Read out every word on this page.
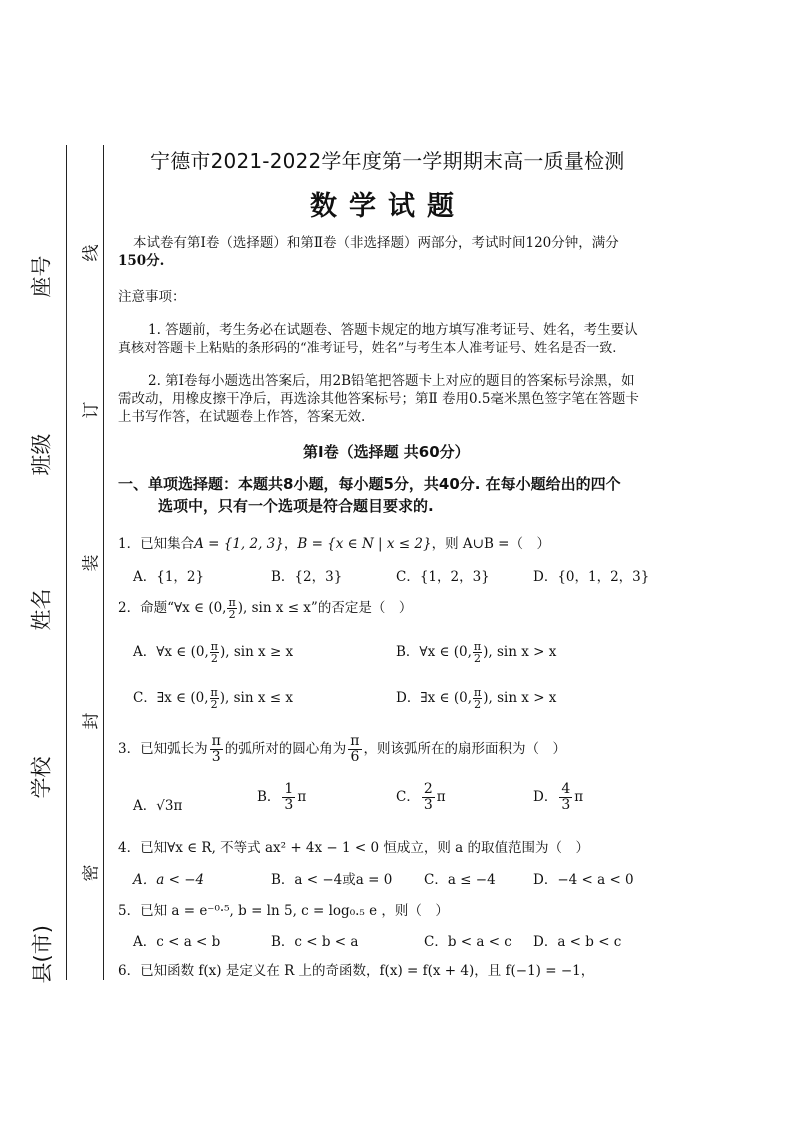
座号
班级
姓名
学校
县(市)
线
订
装
封
密
宁德市2021-2022学年度第一学期期末高一质量检测
数学试题
本试卷有第Ⅰ卷（选择题）和第Ⅱ卷（非选择题）两部分，考试时间120分钟，满分
150分.
注意事项：
1. 答题前，考生务必在试题卷、答题卡规定的地方填写准考证号、姓名，考生要认
真核对答题卡上粘贴的条形码的“准考证号，姓名”与考生本人准考证号、姓名是否一致.
2. 第Ⅰ卷每小题选出答案后，用2B铅笔把答题卡上对应的题目的答案标号涂黑，如
需改动，用橡皮擦干净后，再选涂其他答案标号；第Ⅱ 卷用0.5毫米黑色签字笔在答题卡
上书写作答，在试题卷上作答，答案无效.
第Ⅰ卷（选择题 共60分）
一、单项选择题：本题共8小题，每小题5分，共40分. 在每小题给出的四个
选项中，只有一个选项是符合题目要求的.
1．已知集合A = {1, 2, 3}，B = {x ∈ N | x ≤ 2}，则 A∪B =（　）
A．{1，2}	B．{2，3}	C．{1，2，3}	D．{0，1，2，3}
2．命题“∀x ∈ (0, $\frac{\pi}{2}$ ), sin x ≤ x”的否定是（　）
A．∀x ∈ (0, $\frac{\pi}{2}$ ), sin x ≥ x	B．∀x ∈ (0, $\frac{\pi}{2}$ ), sin x > x
C．∃x ∈ (0, $\frac{\pi}{2}$ ), sin x ≤ x	D．∃x ∈ (0, $\frac{\pi}{2}$ ), sin x > x
3．已知弧长为 $\frac{\pi}{3}$ 的弧所对的圆心角为 $\frac{\pi}{6}$ ，则该弧所在的扇形面积为（　）
A．√3π
B． $\frac{1}{3}$ π	C． $\frac{2}{3}$ π	D． $\frac{4}{3}$ π
4．已知∀x ∈ R, 不等式 ax² + 4x − 1 < 0 恒成立，则 a 的取值范围为（　）
A．a < −4	B．a < −4或a = 0 C．a ≤ −4	D．−4 < a < 0
5．已知 a = e⁻⁰·⁵, b = ln 5, c = log₀.₅ e ，则（　）
A．c < a < b	B．c < b < a	C．b < a < c D．a < b < c
6．已知函数 f(x) 是定义在 R 上的奇函数，f(x) = f(x + 4)，且 f(−1) = −1，
